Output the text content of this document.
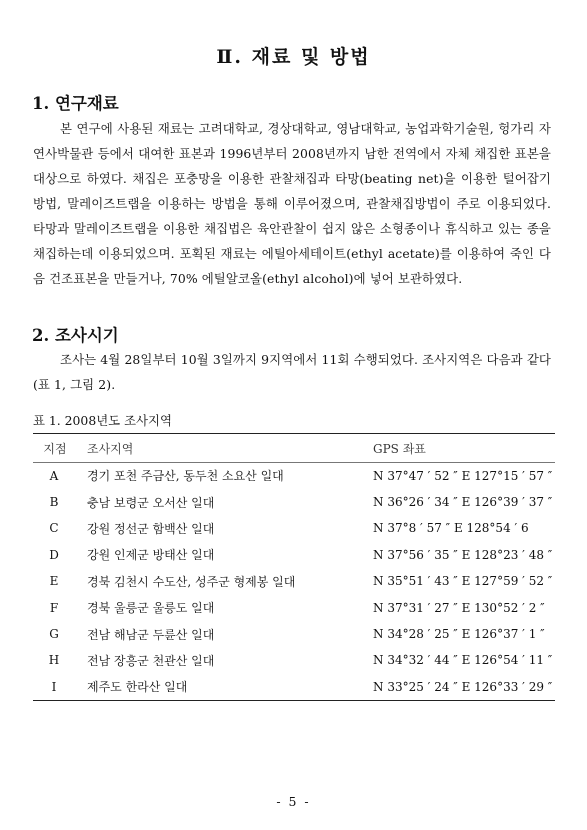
Ⅱ. 재료 및 방법
1. 연구재료

본 연구에 사용된 재료는 고려대학교, 경상대학교, 영남대학교, 농업과학기술원, 헝가리 자연사박물관 등에서 대여한 표본과 1996년부터 2008년까지 남한 전역에서 자체 채집한 표본을 대상으로 하였다. 채집은 포충망을 이용한 관찰채집과 타망(beating net)을 이용한 털어잡기 방법, 말레이즈트랩을 이용하는 방법을 통해 이루어졌으며, 관찰채집방법이 주로 이용되었다. 타망과 말레이즈트랩을 이용한 채집법은 육안관찰이 쉽지 않은 소형종이나 휴식하고 있는 종을 채집하는데 이용되었으며. 포획된 재료는 에틸아세테이트(ethyl acetate)를 이용하여 죽인 다음 건조표본을 만들거나, 70% 에틸알코올(ethyl alcohol)에 넣어 보관하였다.

2. 조사시기

조사는 4월 28일부터 10월 3일까지 9지역에서 11회 수행되었다. 조사지역은 다음과 같다(표 1, 그림 2).

표 1. 2008년도 조사지역
지점	조사지역	GPS 좌표
A	경기 포천 주금산, 동두천 소요산 일대	N 37°47 ′ 52 ″ E 127°15 ′ 57 ″
B	충남 보령군 오서산 일대	N 36°26 ′ 34 ″ E 126°39 ′ 37 ″
C	강원 정선군 함백산 일대	N 37°8 ′ 57 ″ E 128°54 ′ 6
D	강원 인제군 방태산 일대	N 37°56 ′ 35 ″ E 128°23 ′ 48 ″
E	경북 김천시 수도산, 성주군 형제봉 일대	N 35°51 ′ 43 ″ E 127°59 ′ 52 ″
F	경북 울릉군 울릉도 일대	N 37°31 ′ 27 ″ E 130°52 ′ 2 ″
G	전남 해남군 두륜산 일대	N 34°28 ′ 25 ″ E 126°37 ′ 1 ″
H	전남 장흥군 천관산 일대	N 34°32 ′ 44 ″ E 126°54 ′ 11 ″
I	제주도 한라산 일대	N 33°25 ′ 24 ″ E 126°33 ′ 29 ″
- 5 -
